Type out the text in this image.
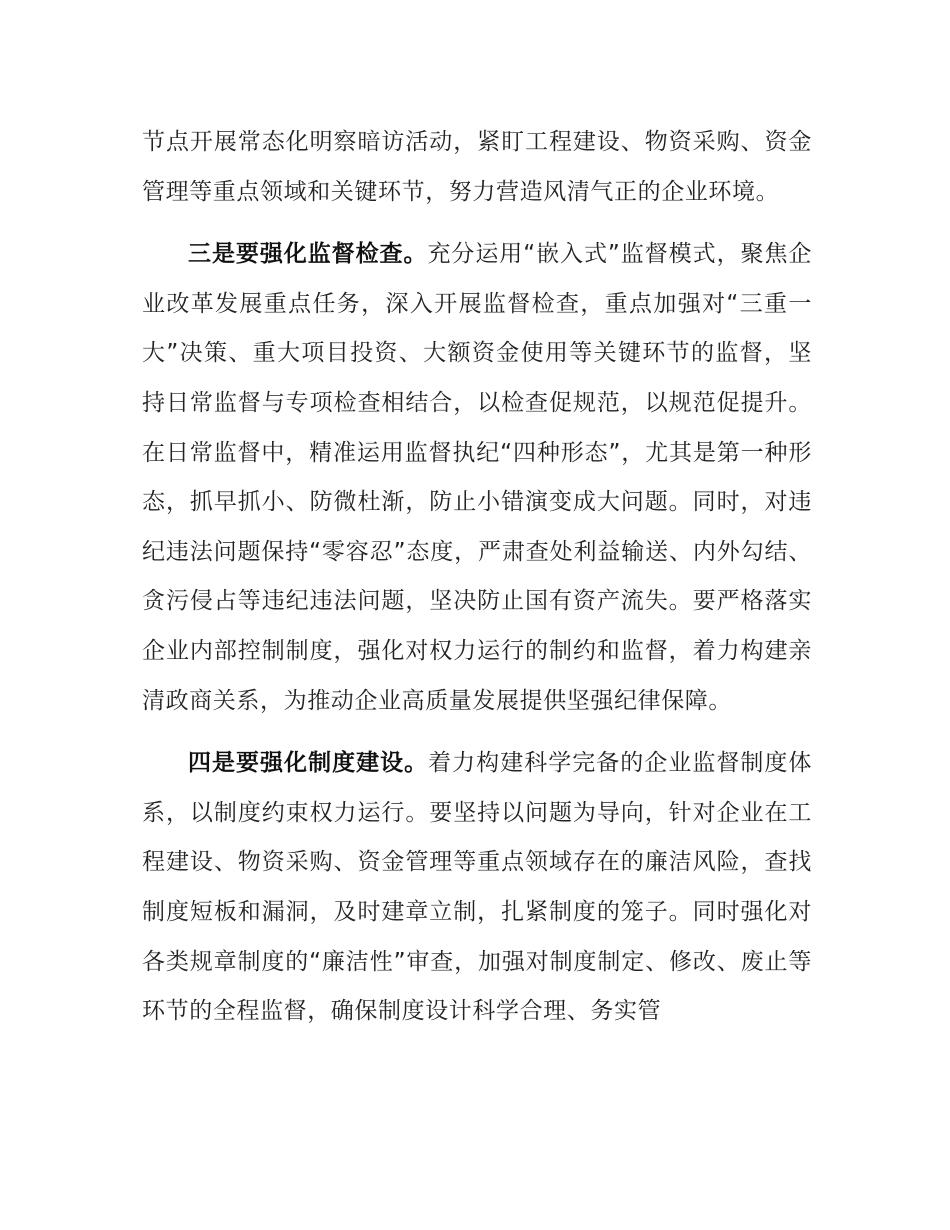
节点开展常态化明察暗访活动，紧盯工程建设、物资采购、资金管理等重点领域和关键环节，努力营造风清气正的企业环境。

三是要强化监督检查。充分运用“嵌入式”监督模式，聚焦企业改革发展重点任务，深入开展监督检查，重点加强对“三重一大”决策、重大项目投资、大额资金使用等关键环节的监督，坚持日常监督与专项检查相结合，以检查促规范，以规范促提升。在日常监督中，精准运用监督执纪“四种形态”，尤其是第一种形态，抓早抓小、防微杜渐，防止小错演变成大问题。同时，对违纪违法问题保持“零容忍”态度，严肃查处利益输送、内外勾结、贪污侵占等违纪违法问题，坚决防止国有资产流失。要严格落实企业内部控制制度，强化对权力运行的制约和监督，着力构建亲清政商关系，为推动企业高质量发展提供坚强纪律保障。

四是要强化制度建设。着力构建科学完备的企业监督制度体系，以制度约束权力运行。要坚持以问题为导向，针对企业在工程建设、物资采购、资金管理等重点领域存在的廉洁风险，查找制度短板和漏洞，及时建章立制，扎紧制度的笼子。同时强化对各类规章制度的“廉洁性”审查，加强对制度制定、修改、废止等环节的全程监督，确保制度设计科学合理、务实管
